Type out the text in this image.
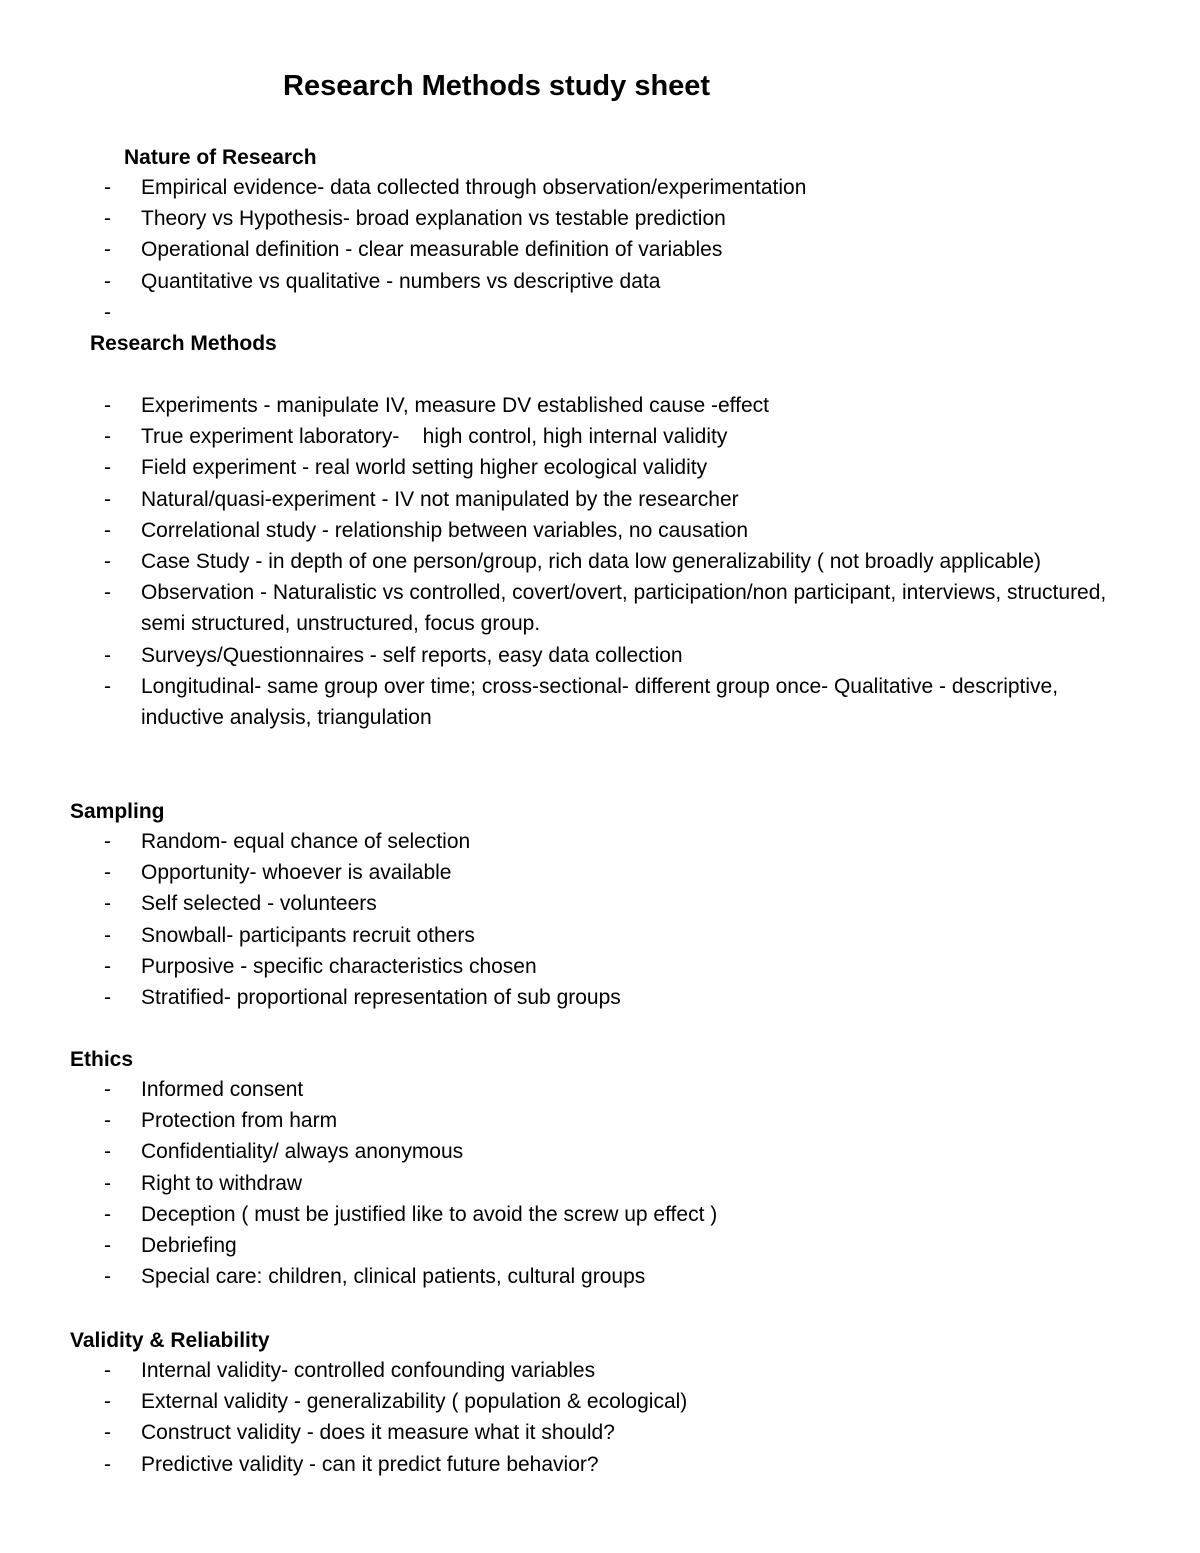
Research Methods study sheet
Nature of Research
- Empirical evidence- data collected through observation/experimentation
- Theory vs Hypothesis- broad explanation vs testable prediction
- Operational definition - clear measurable definition of variables
- Quantitative vs qualitative - numbers vs descriptive data
-
Research Methods
- Experiments - manipulate IV, measure DV established cause -effect
- True experiment laboratory-    high control, high internal validity
- Field experiment - real world setting higher ecological validity
- Natural/quasi-experiment - IV not manipulated by the researcher
- Correlational study - relationship between variables, no causation
- Case Study - in depth of one person/group, rich data low generalizability ( not broadly applicable)
- Observation - Naturalistic vs controlled, covert/overt, participation/non participant, interviews, structured, semi structured, unstructured, focus group.
- Surveys/Questionnaires - self reports, easy data collection
- Longitudinal- same group over time; cross-sectional- different group once- Qualitative - descriptive, inductive analysis, triangulation
Sampling
- Random- equal chance of selection
- Opportunity- whoever is available
- Self selected - volunteers
- Snowball- participants recruit others
- Purposive - specific characteristics chosen
- Stratified- proportional representation of sub groups
Ethics
- Informed consent
- Protection from harm
- Confidentiality/ always anonymous
- Right to withdraw
- Deception ( must be justified like to avoid the screw up effect )
- Debriefing
- Special care: children, clinical patients, cultural groups
Validity & Reliability
- Internal validity- controlled confounding variables
- External validity - generalizability ( population & ecological)
- Construct validity - does it measure what it should?
- Predictive validity - can it predict future behavior?
